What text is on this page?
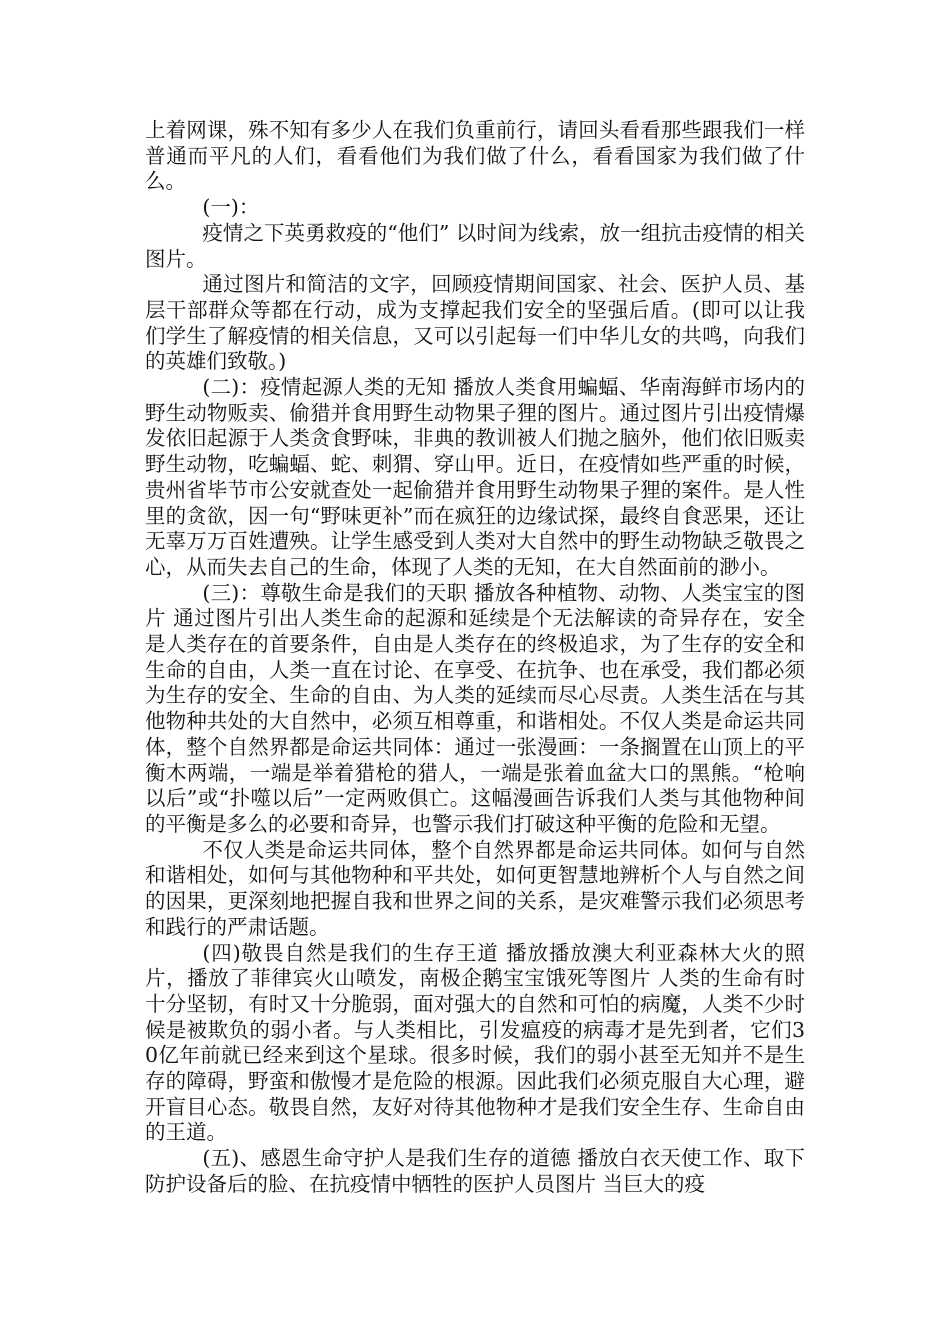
上着网课，殊不知有多少人在我们负重前行，请回头看看那些跟我们一样普通而平凡的人们，看看他们为我们做了什么，看看国家为我们做了什么。

(一)：

疫情之下英勇救疫的“他们” 以时间为线索，放一组抗击疫情的相关图片。

通过图片和简洁的文字，回顾疫情期间国家、社会、医护人员、基层干部群众等都在行动，成为支撑起我们安全的坚强后盾。(即可以让我们学生了解疫情的相关信息，又可以引起每一们中华儿女的共鸣，向我们的英雄们致敬。)

(二)：疫情起源人类的无知 播放人类食用蝙蝠、华南海鲜市场内的野生动物贩卖、偷猎并食用野生动物果子狸的图片。通过图片引出疫情爆发依旧起源于人类贪食野味，非典的教训被人们抛之脑外，他们依旧贩卖野生动物，吃蝙蝠、蛇、刺猬、穿山甲。近日，在疫情如些严重的时候，贵州省毕节市公安就查处一起偷猎并食用野生动物果子狸的案件。是人性里的贪欲，因一句“野味更补”而在疯狂的边缘试探，最终自食恶果，还让无辜万万百姓遭殃。让学生感受到人类对大自然中的野生动物缺乏敬畏之心，从而失去自己的生命，体现了人类的无知，在大自然面前的渺小。

(三)：尊敬生命是我们的天职 播放各种植物、动物、人类宝宝的图片 通过图片引出人类生命的起源和延续是个无法解读的奇异存在，安全是人类存在的首要条件，自由是人类存在的终极追求，为了生存的安全和生命的自由，人类一直在讨论、在享受、在抗争、也在承受，我们都必须为生存的安全、生命的自由、为人类的延续而尽心尽责。人类生活在与其他物种共处的大自然中，必须互相尊重，和谐相处。不仅人类是命运共同体，整个自然界都是命运共同体：通过一张漫画：一条搁置在山顶上的平衡木两端，一端是举着猎枪的猎人，一端是张着血盆大口的黑熊。“枪响以后”或“扑噬以后”一定两败俱亡。这幅漫画告诉我们人类与其他物种间的平衡是多么的必要和奇异，也警示我们打破这种平衡的危险和无望。

不仅人类是命运共同体，整个自然界都是命运共同体。如何与自然和谐相处，如何与其他物种和平共处，如何更智慧地辨析个人与自然之间的因果，更深刻地把握自我和世界之间的关系，是灾难警示我们必须思考和践行的严肃话题。

(四)敬畏自然是我们的生存王道 播放播放澳大利亚森林大火的照片，播放了菲律宾火山喷发，南极企鹅宝宝饿死等图片 人类的生命有时十分坚韧，有时又十分脆弱，面对强大的自然和可怕的病魔，人类不少时候是被欺负的弱小者。与人类相比，引发瘟疫的病毒才是先到者，它们30亿年前就已经来到这个星球。很多时候，我们的弱小甚至无知并不是生存的障碍，野蛮和傲慢才是危险的根源。因此我们必须克服自大心理，避开盲目心态。敬畏自然，友好对待其他物种才是我们安全生存、生命自由的王道。

(五)、感恩生命守护人是我们生存的道德 播放白衣天使工作、取下防护设备后的脸、在抗疫情中牺牲的医护人员图片 当巨大的疫
